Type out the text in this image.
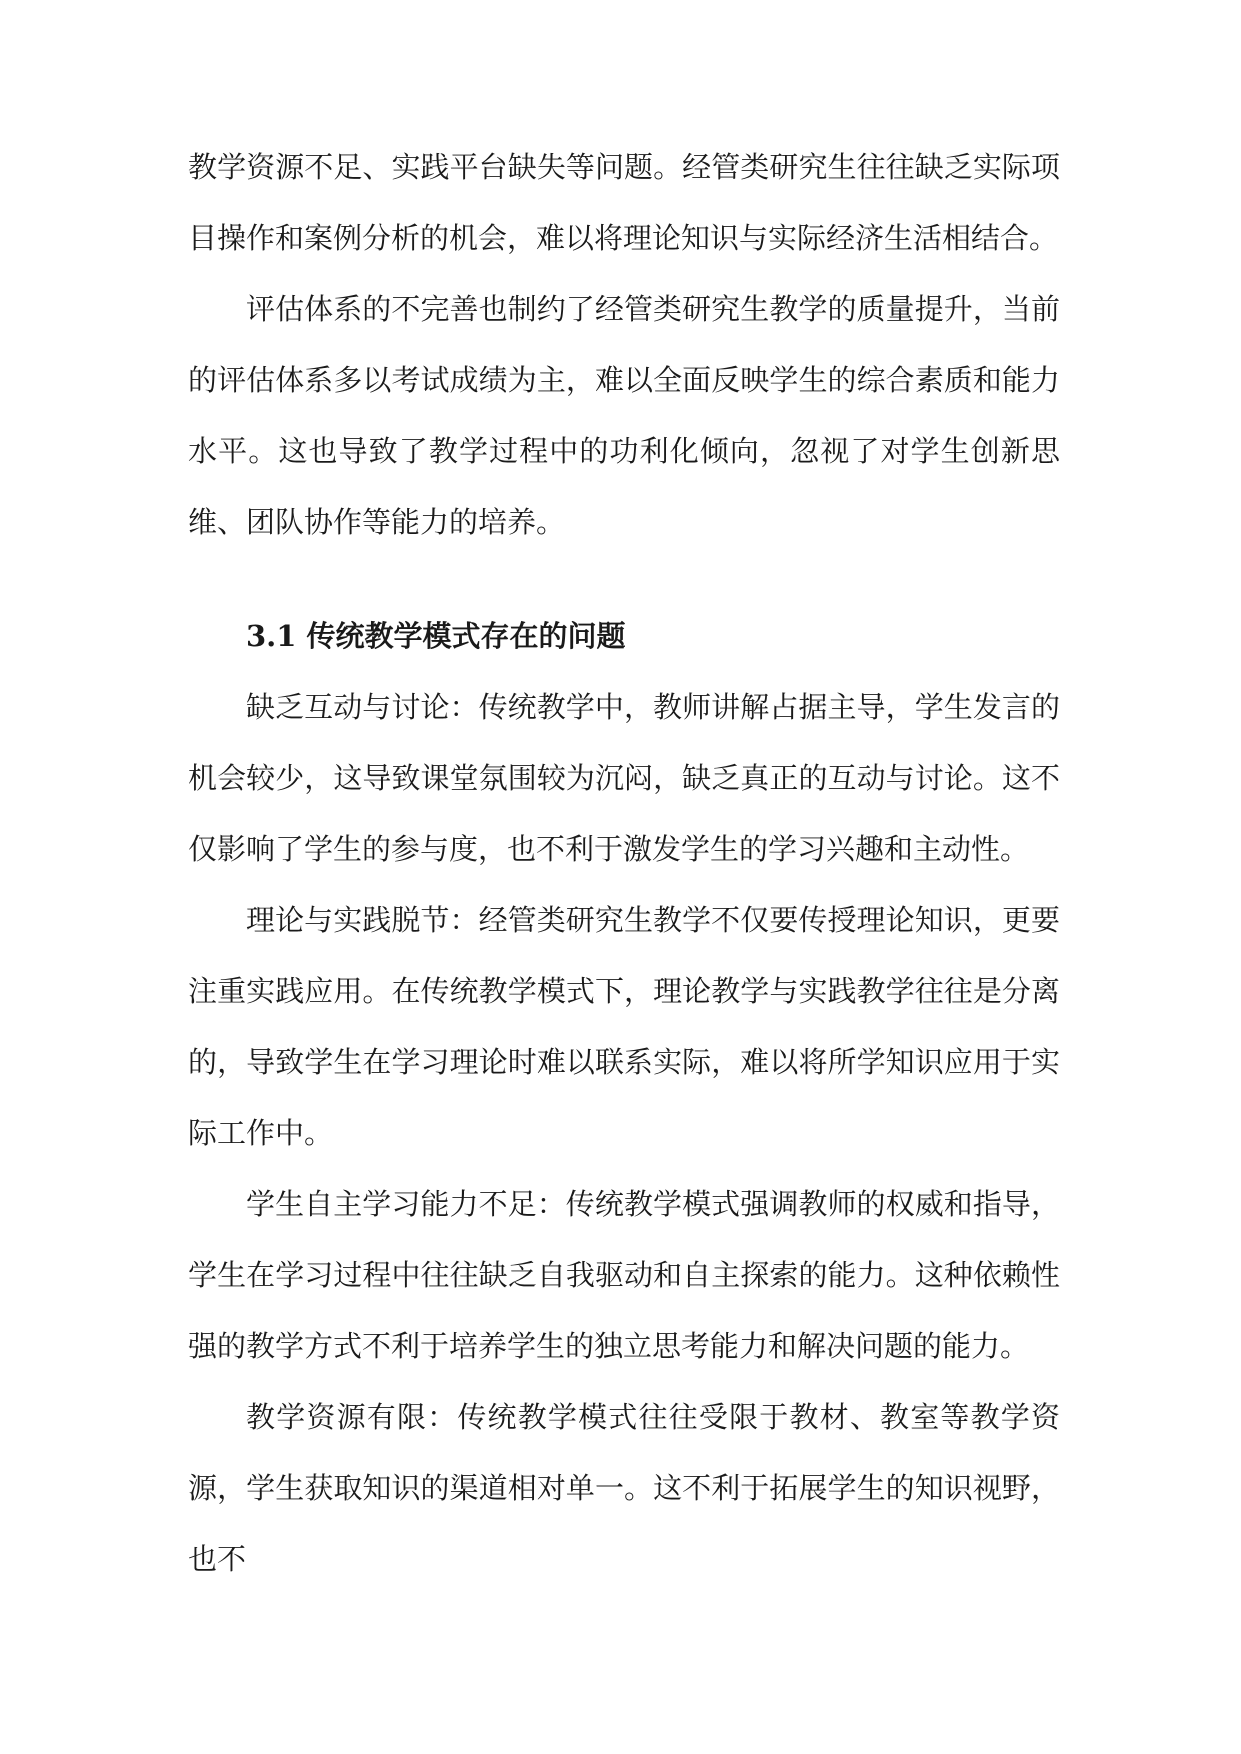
教学资源不足、实践平台缺失等问题。经管类研究生往往缺乏实际项目操作和案例分析的机会，难以将理论知识与实际经济生活相结合。

评估体系的不完善也制约了经管类研究生教学的质量提升，当前的评估体系多以考试成绩为主，难以全面反映学生的综合素质和能力水平。这也导致了教学过程中的功利化倾向，忽视了对学生创新思维、团队协作等能力的培养。

3.1 传统教学模式存在的问题

缺乏互动与讨论：传统教学中，教师讲解占据主导，学生发言的机会较少，这导致课堂氛围较为沉闷，缺乏真正的互动与讨论。这不仅影响了学生的参与度，也不利于激发学生的学习兴趣和主动性。

理论与实践脱节：经管类研究生教学不仅要传授理论知识，更要注重实践应用。在传统教学模式下，理论教学与实践教学往往是分离的，导致学生在学习理论时难以联系实际，难以将所学知识应用于实际工作中。

学生自主学习能力不足：传统教学模式强调教师的权威和指导，学生在学习过程中往往缺乏自我驱动和自主探索的能力。这种依赖性强的教学方式不利于培养学生的独立思考能力和解决问题的能力。

教学资源有限：传统教学模式往往受限于教材、教室等教学资源，学生获取知识的渠道相对单一。这不利于拓展学生的知识视野，也不
